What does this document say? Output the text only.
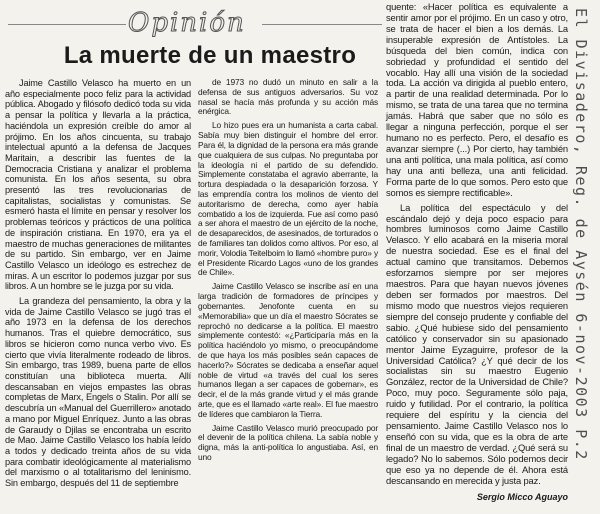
Opinión
La muerte de un maestro

Jaime Castillo Velasco ha muerto en un año especialmente poco feliz para la actividad pública. Abogado y filósofo dedicó toda su vida a pensar la política y llevarla a la práctica, haciéndola un expresión creíble do amor al prójimo. En los años cincuenta, su trabajo intelectual apuntó a la defensa de Jacques Maritain, a describir las fuentes de la Democracia Cristiana y analizar el problema comunista. En los años sesenta, su obra presentó las tres revolucionarias de capitalistas, socialistas y comunistas. Se esmeró hasta el límite en pensar y resolver los problemas teóricos y prácticos de una política de inspiración cristiana. En 1970, era ya el maestro de muchas generaciones de militantes de su partido. Sin embargo, ver en Jaime Castillo Velasco un ideólogo es estrechez de miras. A un escritor lo podemos juzgar por sus libros. A un hombre se le juzga por su vida.

La grandeza del pensamiento, la obra y la vida de Jaime Castillo Velasco se jugó tras el año 1973 en la defensa de los derechos humanos. Tras el quiebre democrático, sus libros se hicieron como nunca verbo vivo. Es cierto que vivía literalmente rodeado de libros. Sin embargo, tras 1989, buena parte de ellos constituían una biblioteca muerta. Allí descansaban en viejos empastes las obras completas de Marx, Engels o Stalin. Por allí se descubría un «Manual del Guerrillero» anotado a mano por Miguel Enríquez. Junto a las obras de Garaudy o Djilas se encontraba un escrito de Mao. Jaime Castillo Velasco los había leído a todos y dedicado treinta años de su vida para combatir ideológicamente al materialismo del marxismo o al totalitarismo del leninismo. Sin embargo, después del 11 de septiembre

de 1973 no dudó un minuto en salir a la defensa de sus antiguos adversarios. Su voz nasal se hacía más profunda y su acción más enérgica.

Lo hizo pues era un humanista a carta cabal. Sabía muy bien distinguir el hombre del error. Para él, la dignidad de la persona era más grande que cualquiera de sus culpas. No preguntaba por la ideología ni el partido de su defendido. Simplemente constataba el agravio aberrante, la tortura despiadada o la desaparición forzosa. Y las emprendía contra los molinos de viento del autoritarismo de derecha, como ayer había combatido a los de izquierda. Fue así como pasó a ser ahora el maestro de un ejército de la noche, de desaparecidos, de asesinados, de torturados o de familiares tan dolidos como altivos. Por eso, al morir, Volodia Teitelboim lo llamó «hombre puro» y el Presidente Ricardo Lagos «uno de los grandes de Chile».

Jaime Castillo Velasco se inscribe así en una larga tradición de formadores de príncipes y gobernantes. Jenofonte cuenta en su «Memorabilia» que un día el maestro Sócrates se reprochó no dedicarse a la política. El maestro simplemente contestó: «¿Participaría más en la política haciéndolo yo mismo, o preocupándome de que haya los más posibles seán capaces de hacerlo?» Sócrates se dedicaba a enseñar aquel noble de virtud «a través del cual los seres humanos llegan a ser capaces de gobernar», es decir, el de la más grande virtud y el más grande arte, que es el llamado «arte real». El fue maestro de líderes que cambiaron la Tierra.

Jaime Castillo Velasco murió preocupado por el devenir de la política chilena. La sabía noble y digna, más la anti-política lo angustiaba. Así, en uno

quente: «Hacer política es equivalente a sentir amor por el prójimo. En un caso y otro, se trata de hacer el bien a los demás. La insuperable expresión de Antístoles. La búsqueda del bien común, indica con sobriedad y profundidad el sentido del vocablo. Hay allí una visión de la sociedad toda. La acción va dirigida al pueblo entero, a partir de una realidad determinada. Por lo mismo, se trata de una tarea que no termina jamás. Habrá que saber que no sólo es llegar a ninguna perfección, porque el ser humano no es perfecto. Pero, el desafío es avanzar siempre (...) Por cierto, hay también una anti política, una mala política, así como hay una anti belleza, una anti felicidad. Forma parte de lo que somos. Pero esto que somos es siempre rectificable».

La política del espectáculo y del escándalo dejó y deja poco espacio para hombres luminosos como Jaime Castillo Velasco. Y ello acabará en la miseria moral de nuestra sociedad. Ese es el final del actual camino que transitamos. Debemos esforzarnos siempre por ser mejores maestros. Para que hayan nuevos jóvenes deben ser formados por maestros. Del mismo modo que nuestros viejos requieren siempre del consejo prudente y confiable del sabio. ¿Qué hubiese sido del pensamiento católico y conservador sin su apasionado mentor Jaime Eyzaguirre, profesor de la Universidad Católica? ¿Y qué decir de los socialistas sin su maestro Eugenio González, rector de la Universidad de Chile? Poco, muy poco. Seguramente sólo paja, ruido y futilidad. Por el contrario, la política requiere del espíritu y la ciencia del pensamiento. Jaime Castillo Velasco nos lo enseñó con su vida, que es la obra de arte final de un maestro de verdad. ¿Qué será su legado? No lo sabemos. Sólo podemos decir que eso ya no depende de él. Ahora está descansando en merecida y justa paz.

Sergio Micco Aguayo
El Divisadero, Reg. de Aysén 6-nov-2003 P.2
